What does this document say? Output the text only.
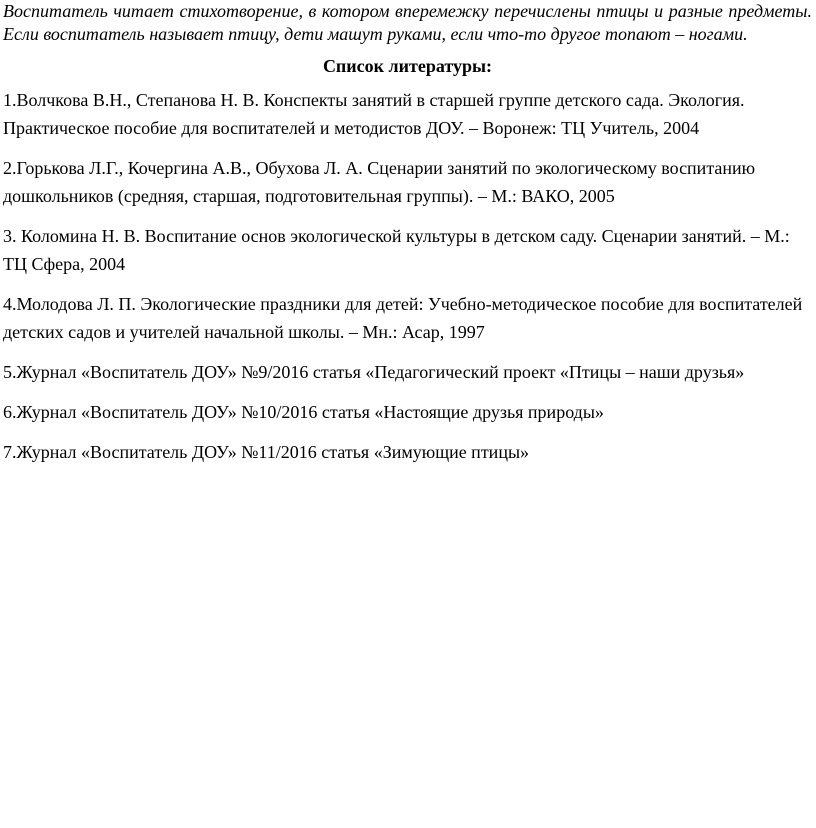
Воспитатель читает стихотворение, в котором вперемежку перечислены птицы и разные предметы. Если воспитатель называет птицу, дети машут руками, если что-то другое топают – ногами.

Список литературы:
1.Волчкова В.Н., Степанова Н. В. Конспекты занятий в старшей группе детского сада. Экология. Практическое пособие для воспитателей и методистов ДОУ. – Воронеж: ТЦ Учитель, 2004
2.Горькова Л.Г., Кочергина А.В., Обухова Л. А. Сценарии занятий по экологическому воспитанию дошкольников (средняя, старшая, подготовительная группы). – М.: ВАКО, 2005
3. Коломина Н. В. Воспитание основ экологической культуры в детском саду. Сценарии занятий. – М.: ТЦ Сфера, 2004
4.Молодова Л. П. Экологические праздники для детей: Учебно-методическое пособие для воспитателей детских садов и учителей начальной школы. – Мн.: Асар, 1997
5.Журнал «Воспитатель ДОУ» №9/2016 статья «Педагогический проект «Птицы – наши друзья»
6.Журнал «Воспитатель ДОУ» №10/2016 статья «Настоящие друзья природы»
7.Журнал «Воспитатель ДОУ» №11/2016 статья «Зимующие птицы»
